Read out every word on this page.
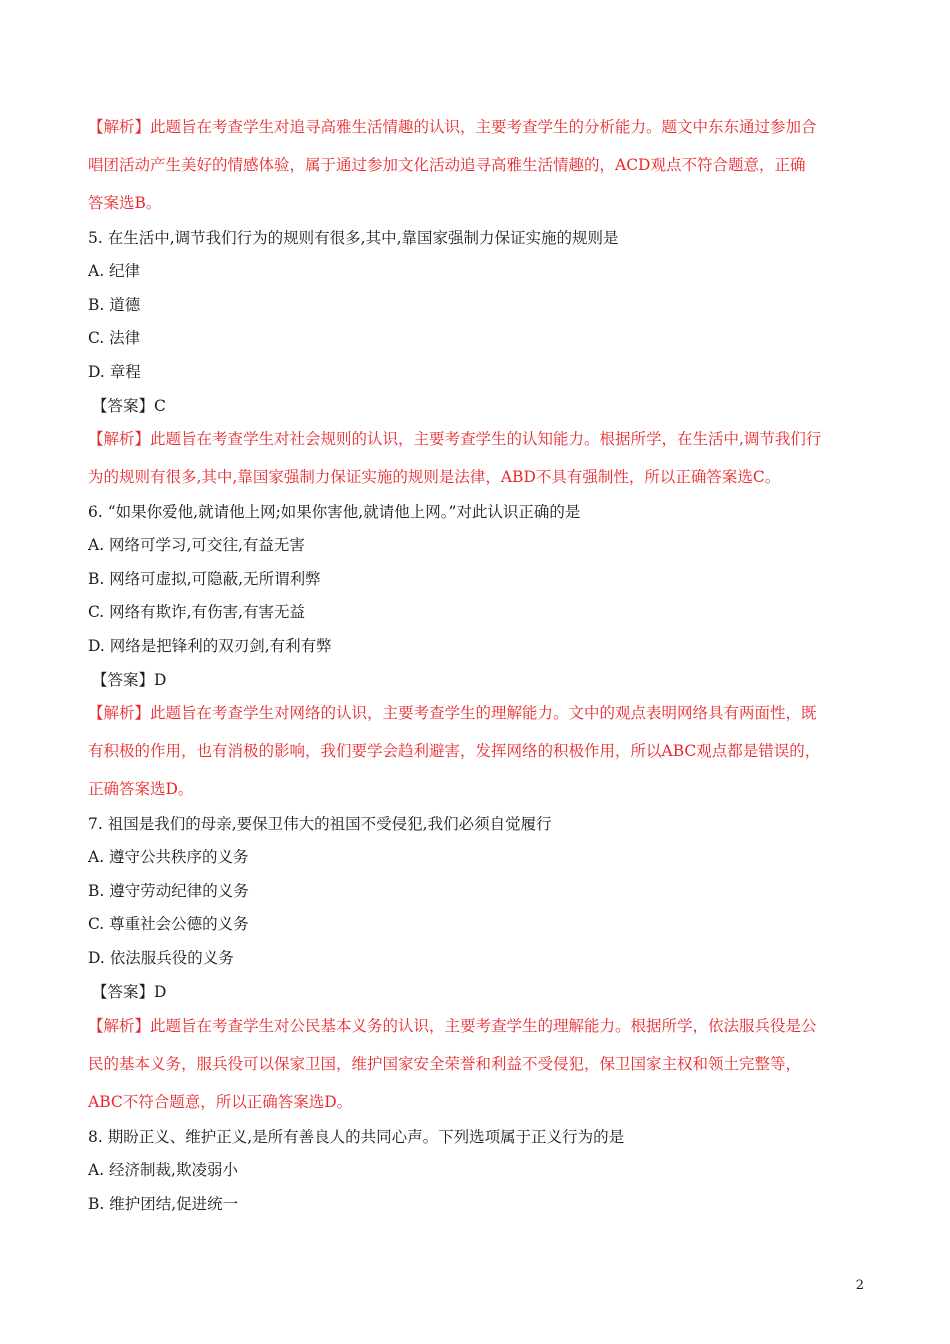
【解析】此题旨在考查学生对追寻高雅生活情趣的认识，主要考查学生的分析能力。题文中东东通过参加合
唱团活动产生美好的情感体验，属于通过参加文化活动追寻高雅生活情趣的，ACD观点不符合题意，正确
答案选B。
5. 在生活中,调节我们行为的规则有很多,其中,靠国家强制力保证实施的规则是
A. 纪律
B. 道德
C. 法律
D. 章程
【答案】C
【解析】此题旨在考查学生对社会规则的认识，主要考查学生的认知能力。根据所学，在生活中,调节我们行
为的规则有很多,其中,靠国家强制力保证实施的规则是法律，ABD不具有强制性，所以正确答案选C。
6. “如果你爱他,就请他上网;如果你害他,就请他上网。”对此认识正确的是
A. 网络可学习,可交往,有益无害
B. 网络可虚拟,可隐蔽,无所谓利弊
C. 网络有欺诈,有伤害,有害无益
D. 网络是把锋利的双刃剑,有利有弊
【答案】D
【解析】此题旨在考查学生对网络的认识，主要考查学生的理解能力。文中的观点表明网络具有两面性，既
有积极的作用，也有消极的影响，我们要学会趋利避害，发挥网络的积极作用，所以ABC观点都是错误的，
正确答案选D。
7. 祖国是我们的母亲,要保卫伟大的祖国不受侵犯,我们必须自觉履行
A. 遵守公共秩序的义务
B. 遵守劳动纪律的义务
C. 尊重社会公德的义务
D. 依法服兵役的义务
【答案】D
【解析】此题旨在考查学生对公民基本义务的认识，主要考查学生的理解能力。根据所学，依法服兵役是公
民的基本义务，服兵役可以保家卫国，维护国家安全荣誉和利益不受侵犯，保卫国家主权和领土完整等，
ABC不符合题意，所以正确答案选D。
8. 期盼正义、维护正义,是所有善良人的共同心声。下列选项属于正义行为的是
A. 经济制裁,欺凌弱小
B. 维护团结,促进统一
2
